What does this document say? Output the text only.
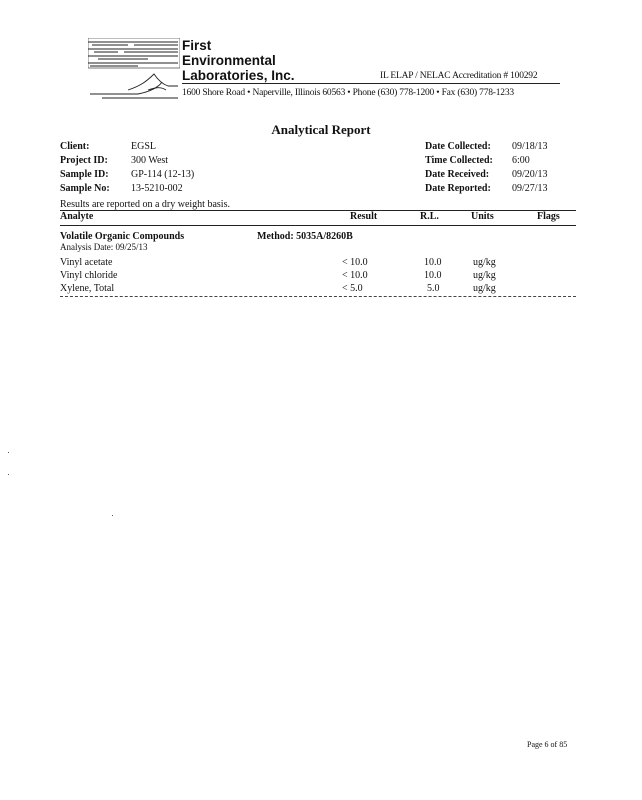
First
Environmental
Laboratories, Inc.	IL ELAP / NELAC Accreditation # 100292
1600 Shore Road • Naperville, Illinois 60563 • Phone (630) 778-1200 • Fax (630) 778-1233
Analytical Report
Client:	EGSL
Project ID: 300 West
Sample ID: GP-114 (12-13)
Sample No: 13-5210-002
Date Collected: 09/18/13
Time Collected: 6:00
Date Received: 09/20/13
Date Reported: 09/27/13
Results are reported on a dry weight basis.
Analyte	Result	R.L.	Units	Flags
Volatile Organic Compounds	Method: 5035A/8260B
Analysis Date: 09/25/13
Vinyl acetate	< 10.0	10.0	ug/kg
Vinyl chloride	< 10.0	10.0	ug/kg
Xylene, Total	< 5.0	5.0	ug/kg
Page 6 of 85
